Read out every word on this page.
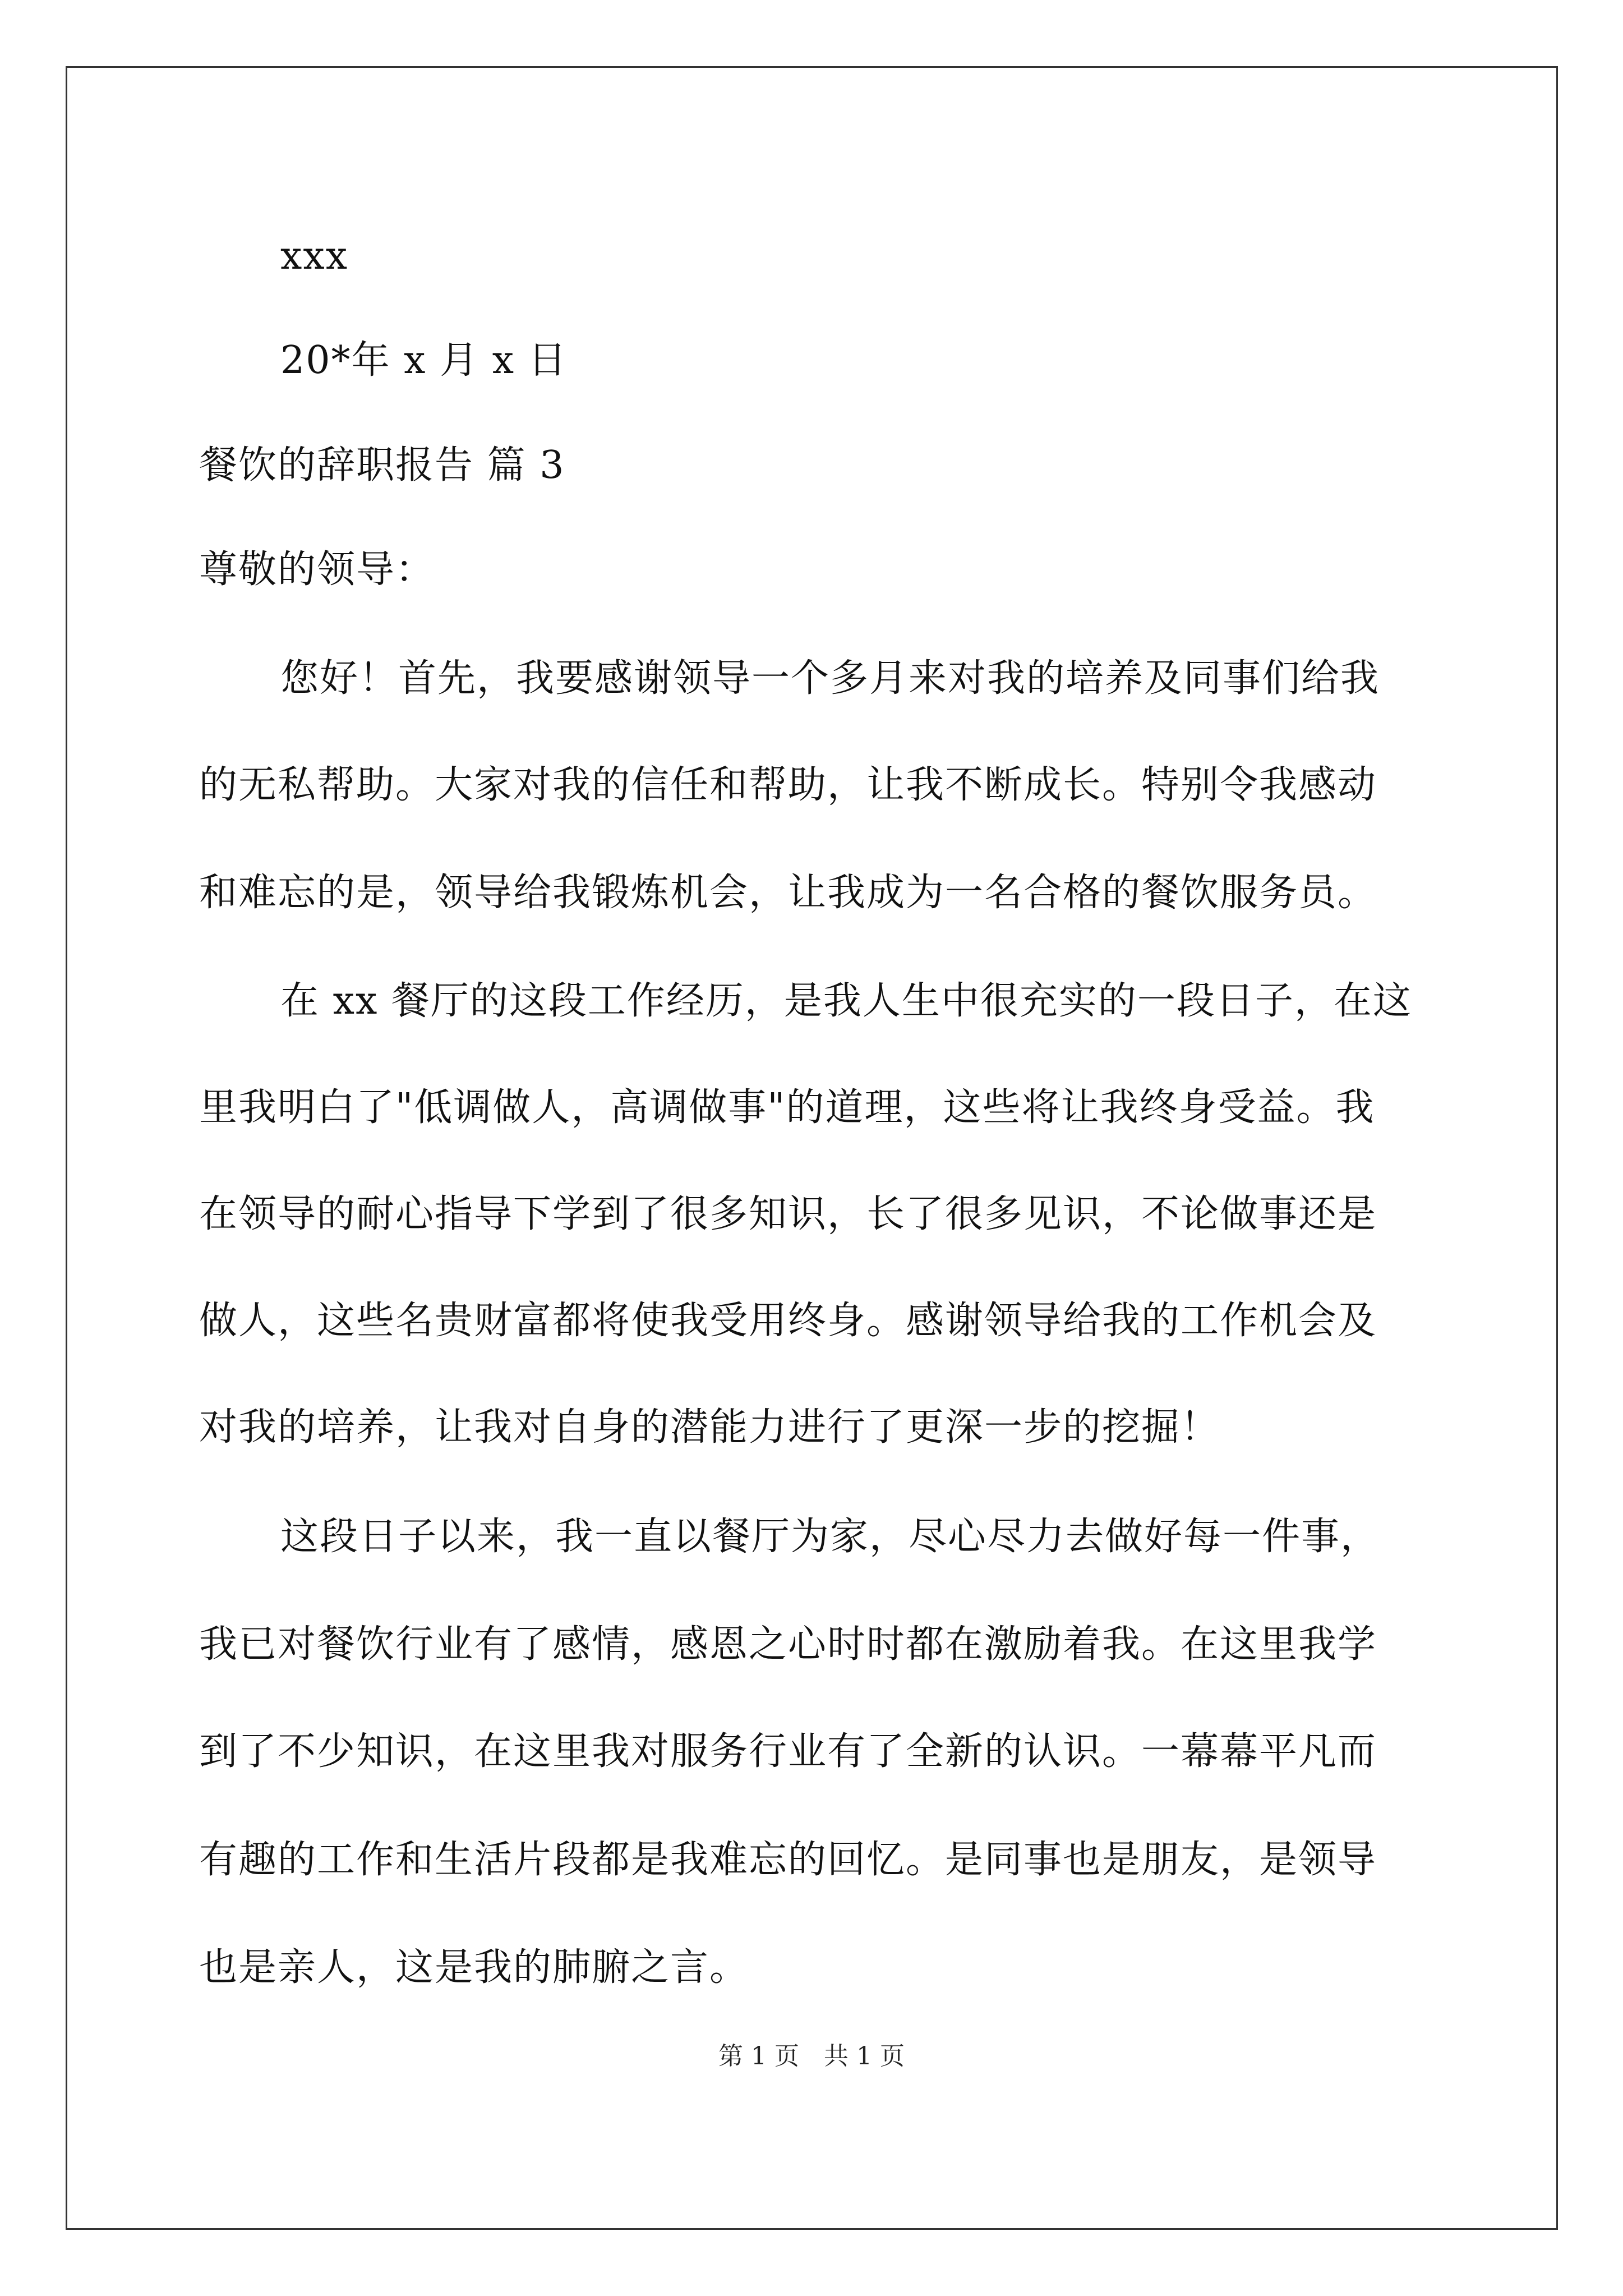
xxx
20*年 x 月 x 日
餐饮的辞职报告 篇 3
尊敬的领导：
您好！首先，我要感谢领导一个多月来对我的培养及同事们给我
的无私帮助。大家对我的信任和帮助，让我不断成长。特别令我感动
和难忘的是，领导给我锻炼机会，让我成为一名合格的餐饮服务员。
在 xx 餐厅的这段工作经历，是我人生中很充实的一段日子，在这
里我明白了"低调做人，高调做事"的道理，这些将让我终身受益。我
在领导的耐心指导下学到了很多知识，长了很多见识，不论做事还是
做人，这些名贵财富都将使我受用终身。感谢领导给我的工作机会及
对我的培养，让我对自身的潜能力进行了更深一步的挖掘！
这段日子以来，我一直以餐厅为家，尽心尽力去做好每一件事，
我已对餐饮行业有了感情，感恩之心时时都在激励着我。在这里我学
到了不少知识，在这里我对服务行业有了全新的认识。一幕幕平凡而
有趣的工作和生活片段都是我难忘的回忆。是同事也是朋友，是领导
也是亲人，这是我的肺腑之言。
第 1 页　共 1 页
